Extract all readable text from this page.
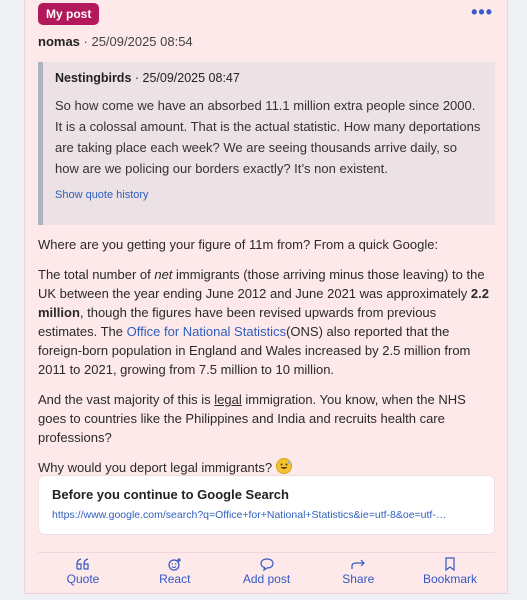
My post	•••
nomas · 25/09/2025 08:54
Nestingbirds · 25/09/2025 08:47
So how come we have an absorbed 11.1 million extra people since 2000. It is a colossal amount. That is the actual statistic. How many deportations are taking place each week? We are seeing thousands arrive daily, so how are we policing our borders exactly? It’s non existent.
Show quote history

Where are you getting your figure of 11m from? From a quick Google:

The total number of net immigrants (those arriving minus those leaving) to the UK between the year ending June 2012 and June 2021 was approximately 2.2 million, though the figures have been revised upwards from previous estimates. The Office for National Statistics(ONS) also reported that the foreign-born population in England and Wales increased by 2.5 million from 2011 to 2021, growing from 7.5 million to 10 million.

And the vast majority of this is legal immigration. You know, when the NHS goes to countries like the Philippines and India and recruits health care professions?

Why would you deport legal immigrants?

Before you continue to Google Search
https://www.google.com/search?q=Office+for+National+Statistics&ie=utf-8&oe=utf-…
Quote	React	Add post	Share	Bookmark
